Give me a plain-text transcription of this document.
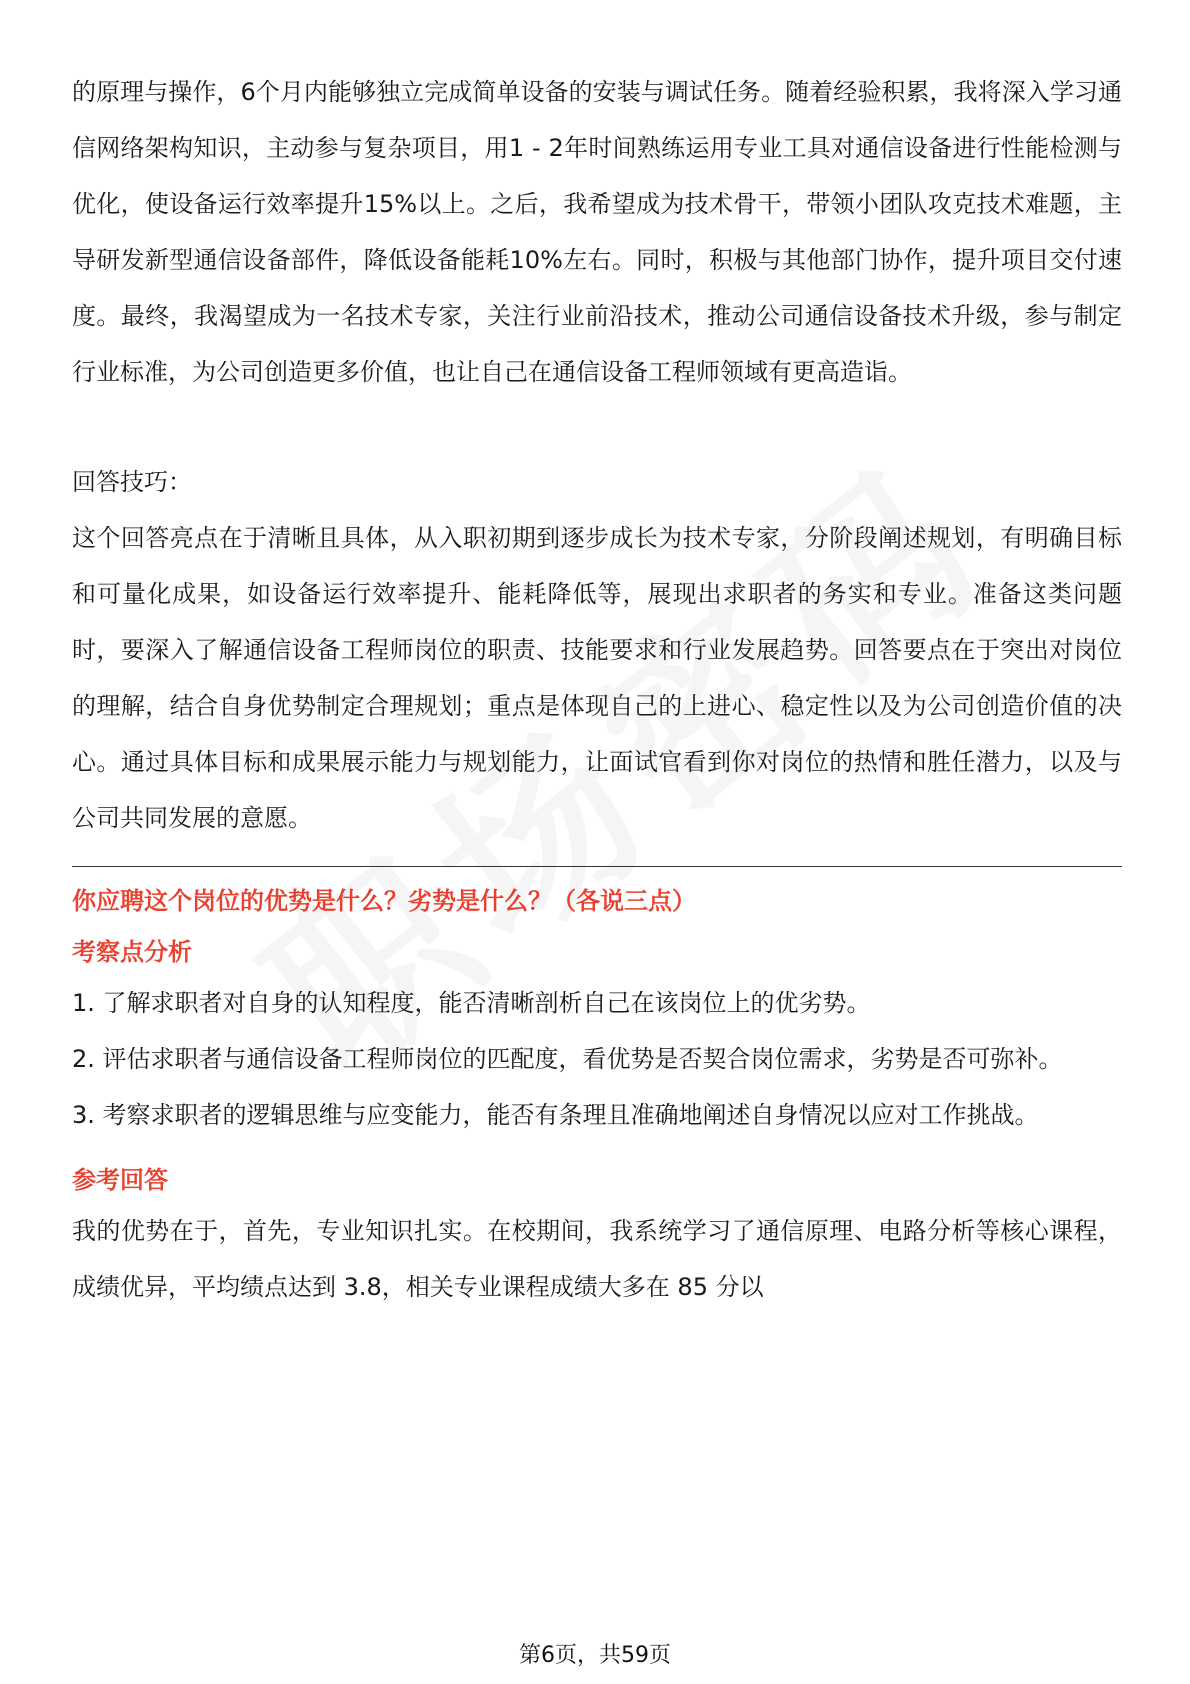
的原理与操作，6个月内能够独立完成简单设备的安装与调试任务。随着经验积累，我将深入学习通信网络架构知识，主动参与复杂项目，用1 - 2年时间熟练运用专业工具对通信设备进行性能检测与优化，使设备运行效率提升15%以上。之后，我希望成为技术骨干，带领小团队攻克技术难题，主导研发新型通信设备部件，降低设备能耗10%左右。同时，积极与其他部门协作，提升项目交付速度。最终，我渴望成为一名技术专家，关注行业前沿技术，推动公司通信设备技术升级，参与制定行业标准，为公司创造更多价值，也让自己在通信设备工程师领域有更高造诣。

回答技巧：

这个回答亮点在于清晰且具体，从入职初期到逐步成长为技术专家，分阶段阐述规划，有明确目标和可量化成果，如设备运行效率提升、能耗降低等，展现出求职者的务实和专业。准备这类问题时，要深入了解通信设备工程师岗位的职责、技能要求和行业发展趋势。回答要点在于突出对岗位的理解，结合自身优势制定合理规划；重点是体现自己的上进心、稳定性以及为公司创造价值的决心。通过具体目标和成果展示能力与规划能力，让面试官看到你对岗位的热情和胜任潜力，以及与公司共同发展的意愿。

你应聘这个岗位的优势是什么？劣势是什么？（各说三点）

考察点分析

1. 了解求职者对自身的认知程度，能否清晰剖析自己在该岗位上的优劣势。

2. 评估求职者与通信设备工程师岗位的匹配度，看优势是否契合岗位需求，劣势是否可弥补。

3. 考察求职者的逻辑思维与应变能力，能否有条理且准确地阐述自身情况以应对工作挑战。

参考回答

我的优势在于，首先，专业知识扎实。在校期间，我系统学习了通信原理、电路分析等核心课程，成绩优异，平均绩点达到 3.8，相关专业课程成绩大多在 85 分以

第6页，共59页
